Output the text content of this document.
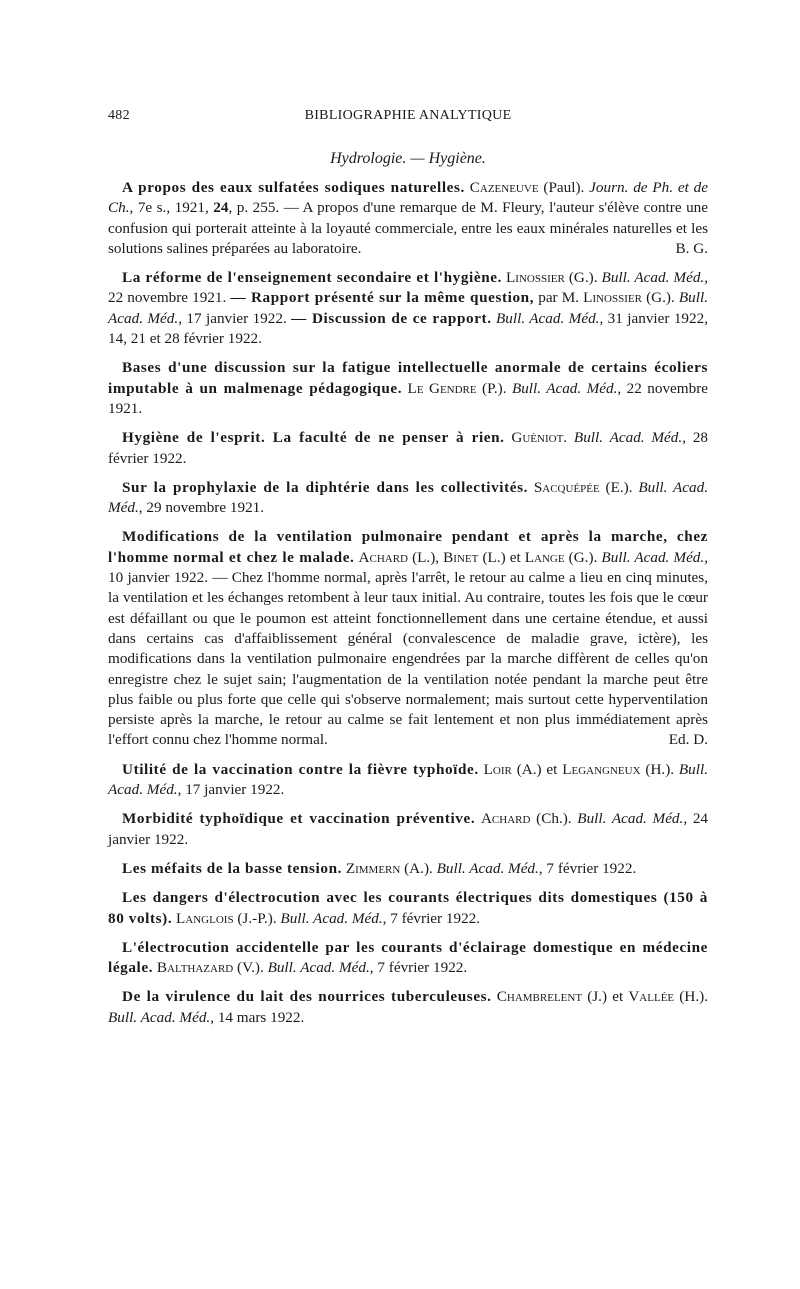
482	BIBLIOGRAPHIE ANALYTIQUE
Hydrologie. — Hygiène.

A propos des eaux sulfatées sodiques naturelles. Cazeneuve (Paul). Journ. de Ph. et de Ch., 7e s., 1921, 24, p. 255. — A propos d'une remarque de M. Fleury, l'auteur s'élève contre une confusion qui porterait atteinte à la loyauté commerciale, entre les eaux minérales naturelles et les solutions salines préparées au laboratoire.	B. G.

La réforme de l'enseignement secondaire et l'hygiène. Linossier (G.). Bull. Acad. Méd., 22 novembre 1921. — Rapport présenté sur la même question, par M. Linossier (G.). Bull. Acad. Méd., 17 janvier 1922. — Discussion de ce rapport. Bull. Acad. Méd., 31 janvier 1922, 14, 21 et 28 février 1922.

Bases d'une discussion sur la fatigue intellectuelle anormale de certains écoliers imputable à un malmenage pédagogique. Le Gendre (P.). Bull. Acad. Méd., 22 novembre 1921.

Hygiène de l'esprit. La faculté de ne penser à rien. Guéniot. Bull. Acad. Méd., 28 février 1922.

Sur la prophylaxie de la diphtérie dans les collectivités. Sacquépée (E.). Bull. Acad. Méd., 29 novembre 1921.

Modifications de la ventilation pulmonaire pendant et après la marche, chez l'homme normal et chez le malade. Achard (L.), Binet (L.) et Lange (G.). Bull. Acad. Méd., 10 janvier 1922. — Chez l'homme normal, après l'arrêt, le retour au calme a lieu en cinq minutes, la ventilation et les échanges retombent à leur taux initial. Au contraire, toutes les fois que le cœur est défaillant ou que le poumon est atteint fonctionnellement dans une certaine étendue, et aussi dans certains cas d'affaiblissement général (convalescence de maladie grave, ictère), les modifications dans la ventilation pulmonaire engendrées par la marche diffèrent de celles qu'on enregistre chez le sujet sain; l'augmentation de la ventilation notée pendant la marche peut être plus faible ou plus forte que celle qui s'observe normalement; mais surtout cette hyperventilation persiste après la marche, le retour au calme se fait lentement et non plus immédiatement après l'effort connu chez l'homme normal.	Ed. D.

Utilité de la vaccination contre la fièvre typhoïde. Loir (A.) et Legangneux (H.). Bull. Acad. Méd., 17 janvier 1922.

Morbidité typhoïdique et vaccination préventive. Achard (Ch.). Bull. Acad. Méd., 24 janvier 1922.

Les méfaits de la basse tension. Zimmern (A.). Bull. Acad. Méd., 7 février 1922.

Les dangers d'électrocution avec les courants électriques dits domestiques (150 à 80 volts). Langlois (J.-P.). Bull. Acad. Méd., 7 février 1922.

L'électrocution accidentelle par les courants d'éclairage domestique en médecine légale. Balthazard (V.). Bull. Acad. Méd., 7 février 1922.

De la virulence du lait des nourrices tuberculeuses. Chambrelent (J.) et Vallée (H.). Bull. Acad. Méd., 14 mars 1922.
